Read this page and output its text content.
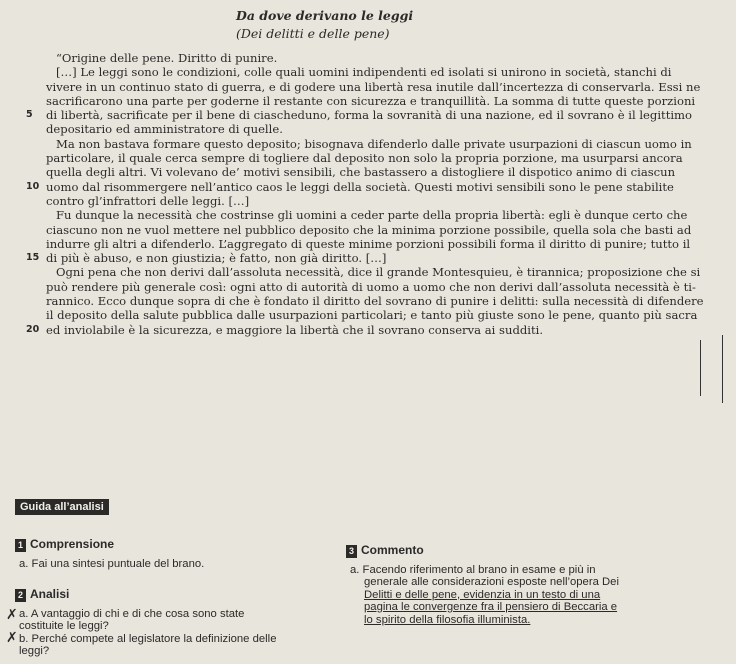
Da dove derivano le leggi
(Dei delitti e delle pene)
“Origine delle pene. Diritto di punire.
[…] Le leggi sono le condizioni, colle quali uomini indipendenti ed isolati si unirono in società, stanchi di
vivere in un continuo stato di guerra, e di godere una libertà resa inutile dall’incertezza di conservarla. Essi ne
sacrificarono una parte per goderne il restante con sicurezza e tranquillità. La somma di tutte queste porzioni
5 di libertà, sacrificate per il bene di ciascheduno, forma la sovranità di una nazione, ed il sovrano è il legittimo
depositario ed amministratore di quelle.
Ma non bastava formare questo deposito; bisognava difenderlo dalle private usurpazioni di ciascun uomo in
particolare, il quale cerca sempre di togliere dal deposito non solo la propria porzione, ma usurparsi ancora
quella degli altri. Vi volevano de’ motivi sensibili, che bastassero a distogliere il dispotico animo di ciascun
10 uomo dal risommergere nell’antico caos le leggi della società. Questi motivi sensibili sono le pene stabilite
contro gl’infrattori delle leggi. […]
Fu dunque la necessità che costrinse gli uomini a ceder parte della propria libertà: egli è dunque certo che
ciascuno non ne vuol mettere nel pubblico deposito che la minima porzione possibile, quella sola che basti ad
indurre gli altri a difenderlo. L’aggregato di queste minime porzioni possibili forma il diritto di punire; tutto il
15 di più è abuso, e non giustizia; è fatto, non già diritto. […]
Ogni pena che non derivi dall’assoluta necessità, dice il grande Montesquieu, è tirannica; proposizione che si
può rendere più generale così: ogni atto di autorità di uomo a uomo che non derivi dall’assoluta necessità è ti-
rannico. Ecco dunque sopra di che è fondato il diritto del sovrano di punire i delitti: sulla necessità di difendere
il deposito della salute pubblica dalle usurpazioni particolari; e tanto più giuste sono le pene, quanto più sacra
20 ed inviolabile è la sicurezza, e maggiore la libertà che il sovrano conserva ai sudditi.
Guida all’analisi
1 Comprensione
a. Fai una sintesi puntuale del brano.
2 Analisi
a. A vantaggio di chi e di che cosa sono state
costituite le leggi?
b. Perché compete al legislatore la definizione delle
leggi?
✗
✗
3 Commento
a. Facendo riferimento al brano in esame e più in
generale alle considerazioni esposte nell’opera Dei
Delitti e delle pene, evidenzia in un testo di una
pagina le convergenze fra il pensiero di Beccaria e
lo spirito della filosofia illuminista.
